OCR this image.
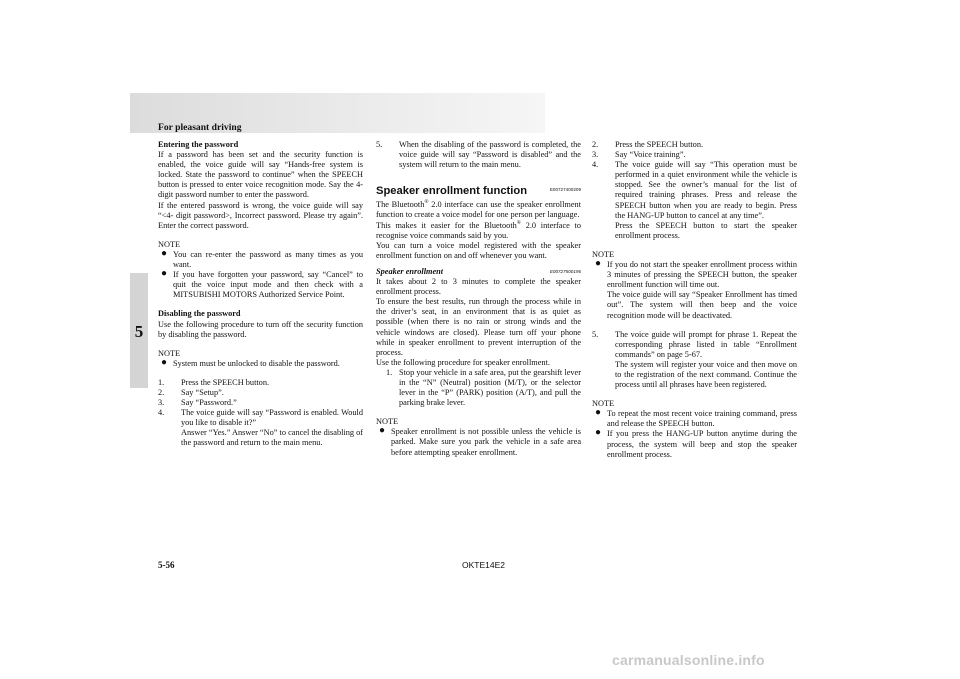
For pleasant driving
5

Entering the password

If a password has been set and the security function is enabled, the voice guide will say “Hands-free system is locked. State the password to continue” when the SPEECH button is pressed to enter voice recognition mode. Say the 4-digit password number to enter the password.

If the entered password is wrong, the voice guide will say “<4- digit password>, Incorrect password. Please try again”. Enter the correct password.

NOTE

● You can re-enter the password as many times as you want.

● If you have forgotten your password, say “Cancel” to quit the voice input mode and then check with a MITSUBISHI MOTORS Authorized Service Point.

Disabling the password

Use the following procedure to turn off the security function by disabling the password.

NOTE

● System must be unlocked to disable the password.

1. Press the SPEECH button.

2. Say “Setup”.

3. Say “Password.”

4. The voice guide will say “Password is enabled. Would you like to disable it?”

Answer “Yes.” Answer “No” to cancel the disabling of the password and return to the main menu.

5. When the disabling of the password is completed, the voice guide will say “Password is disabled” and the system will return to the main menu.

Speaker enrollment function	E00727400209

The Bluetooth® 2.0 interface can use the speaker enrollment function to create a voice model for one person per language.

This makes it easier for the Bluetooth® 2.0 interface to recognise voice commands said by you.

You can turn a voice model registered with the speaker enrollment function on and off whenever you want.

Speaker enrollment	E00727500196

It takes about 2 to 3 minutes to complete the speaker enrollment process.

To ensure the best results, run through the process while in the driver’s seat, in an environment that is as quiet as possible (when there is no rain or strong winds and the vehicle windows are closed). Please turn off your phone while in speaker enrollment to prevent interruption of the process.

Use the following procedure for speaker enrollment.

1. Stop your vehicle in a safe area, put the gearshift lever in the “N” (Neutral) position (M/T), or the selector lever in the “P” (PARK) position (A/T), and pull the parking brake lever.

NOTE

● Speaker enrollment is not possible unless the vehicle is parked. Make sure you park the vehicle in a safe area before attempting speaker enrollment.

2. Press the SPEECH button.

3. Say “Voice training”.

4. The voice guide will say “This operation must be performed in a quiet environment while the vehicle is stopped. See the owner’s manual for the list of required training phrases. Press and release the SPEECH button when you are ready to begin. Press the HANG-UP button to cancel at any time”.

Press the SPEECH button to start the speaker enrollment process.

NOTE

● If you do not start the speaker enrollment process within 3 minutes of pressing the SPEECH button, the speaker enrollment function will time out.

The voice guide will say “Speaker Enrollment has timed out”. The system will then beep and the voice recognition mode will be deactivated.

5. The voice guide will prompt for phrase 1. Repeat the corresponding phrase listed in table “Enrollment commands” on page 5-67.

The system will register your voice and then move on to the registration of the next command. Continue the process until all phrases have been registered.

NOTE

● To repeat the most recent voice training command, press and release the SPEECH button.

● If you press the HANG-UP button anytime during the process, the system will beep and stop the speaker enrollment process.

5-56	OKTE14E2
carmanualsonline.info
